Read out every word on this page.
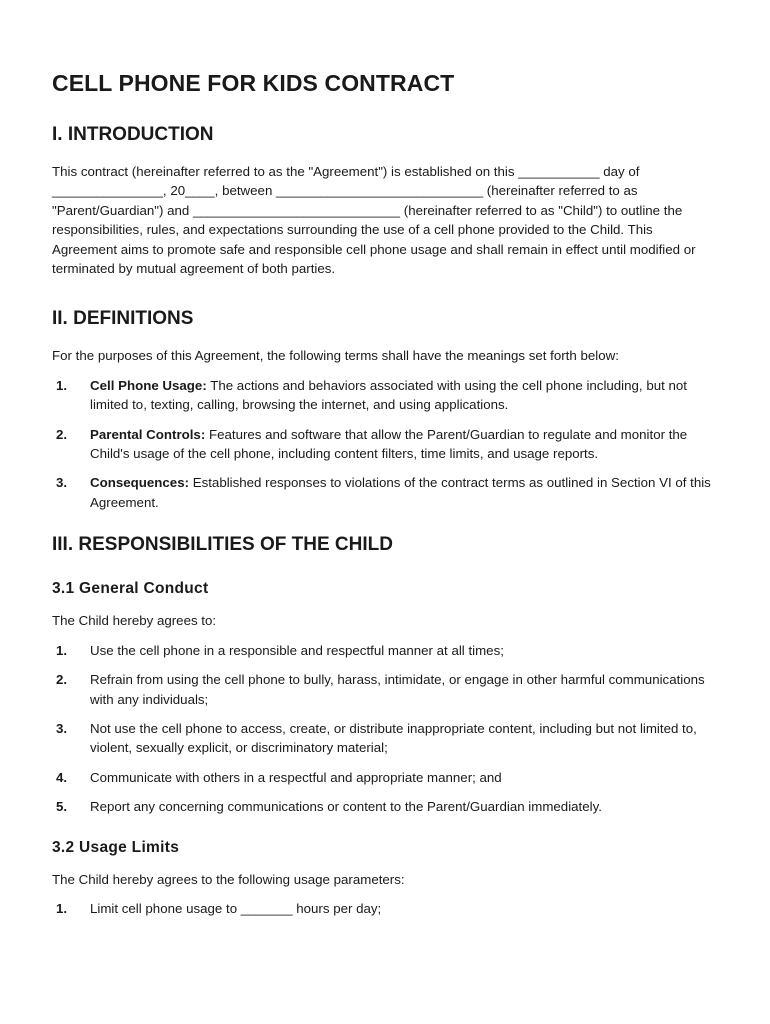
CELL PHONE FOR KIDS CONTRACT
I. INTRODUCTION

This contract (hereinafter referred to as the "Agreement") is established on this ___________ day of _______________, 20____, between ____________________________ (hereinafter referred to as "Parent/Guardian") and ____________________________ (hereinafter referred to as "Child") to outline the responsibilities, rules, and expectations surrounding the use of a cell phone provided to the Child. This Agreement aims to promote safe and responsible cell phone usage and shall remain in effect until modified or terminated by mutual agreement of both parties.

II. DEFINITIONS

For the purposes of this Agreement, the following terms shall have the meanings set forth below:

1.	Cell Phone Usage: The actions and behaviors associated with using the cell phone including, but not limited to, texting, calling, browsing the internet, and using applications.
2.	Parental Controls: Features and software that allow the Parent/Guardian to regulate and monitor the Child's usage of the cell phone, including content filters, time limits, and usage reports.
3.	Consequences: Established responses to violations of the contract terms as outlined in Section VI of this Agreement.
III. RESPONSIBILITIES OF THE CHILD
3.1 General Conduct

The Child hereby agrees to:

1.	Use the cell phone in a responsible and respectful manner at all times;
2.	Refrain from using the cell phone to bully, harass, intimidate, or engage in other harmful communications with any individuals;
3.	Not use the cell phone to access, create, or distribute inappropriate content, including but not limited to, violent, sexually explicit, or discriminatory material;
4.	Communicate with others in a respectful and appropriate manner; and
5.	Report any concerning communications or content to the Parent/Guardian immediately.
3.2 Usage Limits

The Child hereby agrees to the following usage parameters:

1.	Limit cell phone usage to _______ hours per day;
